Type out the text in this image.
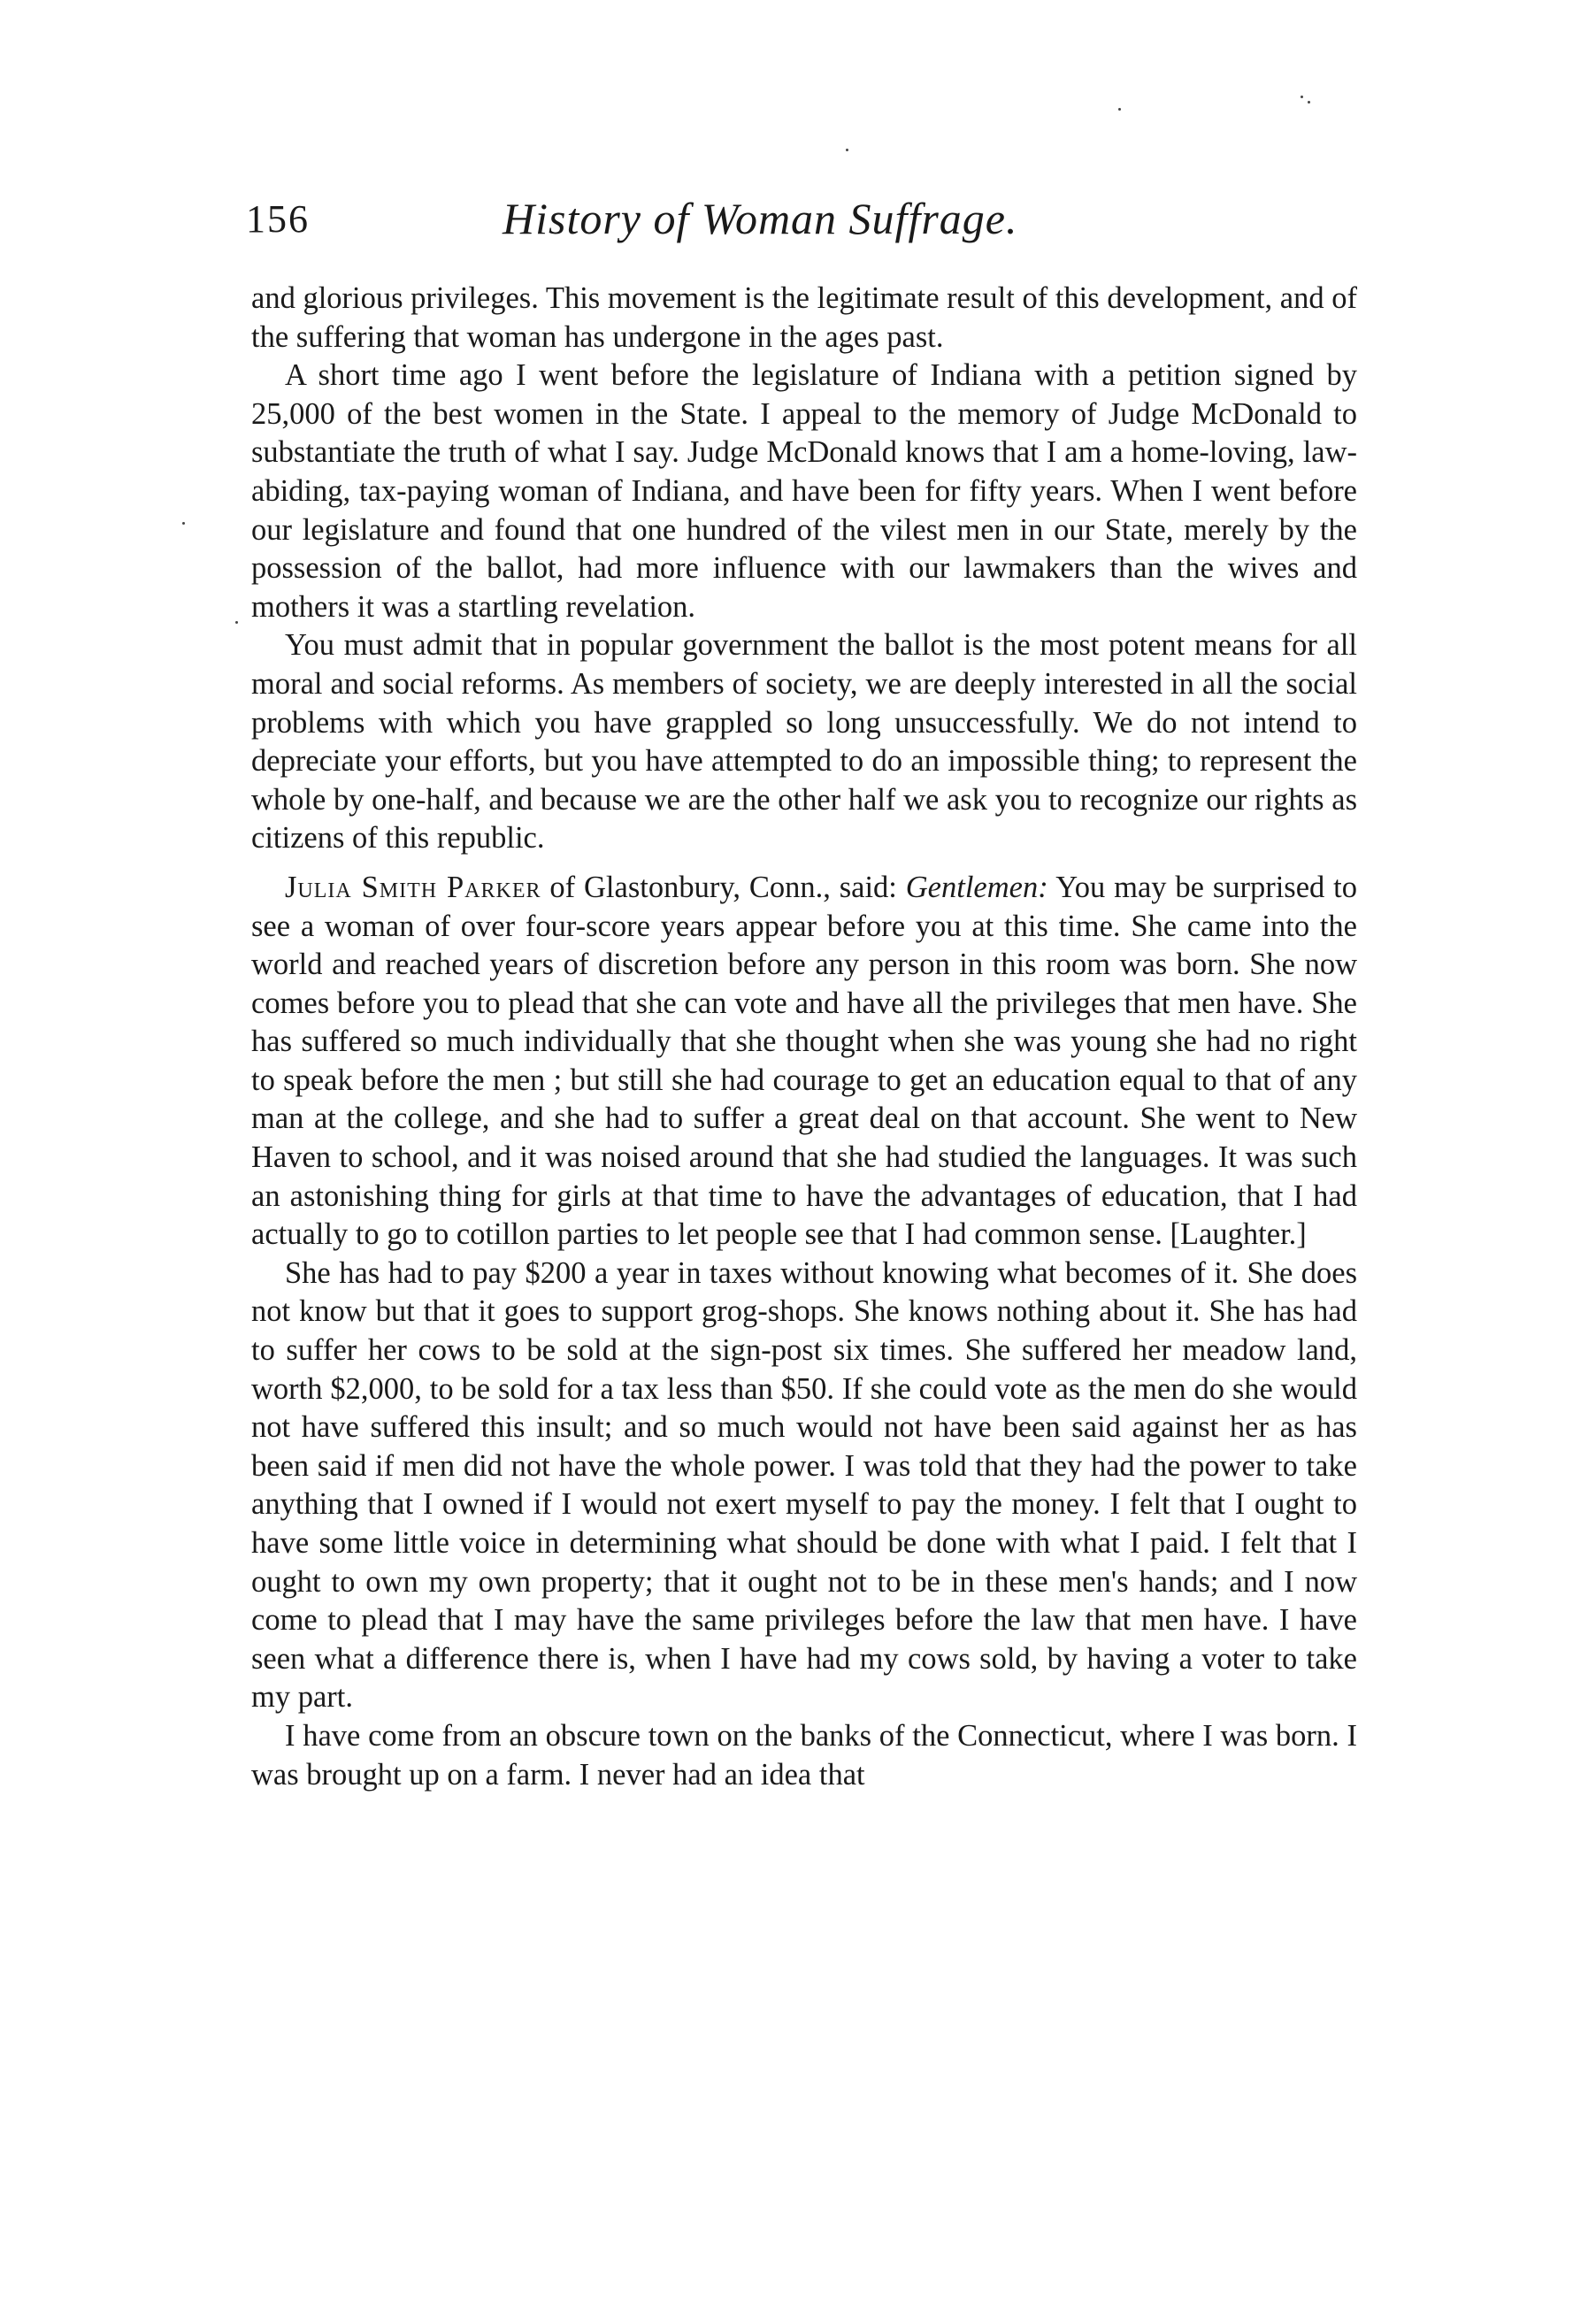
156	History of Woman Suffrage.

and glorious privileges. This movement is the legitimate result of this development, and of the suffering that woman has undergone in the ages past.

A short time ago I went before the legislature of Indiana with a petition signed by 25,000 of the best women in the State. I appeal to the memory of Judge McDonald to substantiate the truth of what I say. Judge McDonald knows that I am a home-loving, law-abiding, tax-paying woman of Indiana, and have been for fifty years. When I went before our legislature and found that one hundred of the vilest men in our State, merely by the possession of the ballot, had more influence with our lawmakers than the wives and mothers it was a startling revelation.

You must admit that in popular government the ballot is the most potent means for all moral and social reforms. As members of society, we are deeply interested in all the social problems with which you have grappled so long unsuccessfully. We do not intend to depreciate your efforts, but you have attempted to do an impossible thing; to represent the whole by one-half, and because we are the other half we ask you to recognize our rights as citizens of this republic.

Julia Smith Parker of Glastonbury, Conn., said: Gentlemen: You may be surprised to see a woman of over four-score years appear before you at this time. She came into the world and reached years of discretion before any person in this room was born. She now comes before you to plead that she can vote and have all the privileges that men have. She has suffered so much individually that she thought when she was young she had no right to speak before the men ; but still she had courage to get an education equal to that of any man at the college, and she had to suffer a great deal on that account. She went to New Haven to school, and it was noised around that she had studied the languages. It was such an astonishing thing for girls at that time to have the advantages of education, that I had actually to go to cotillon parties to let people see that I had common sense. [Laughter.]

She has had to pay $200 a year in taxes without knowing what becomes of it. She does not know but that it goes to support grog-shops. She knows nothing about it. She has had to suffer her cows to be sold at the sign-post six times. She suffered her meadow land, worth $2,000, to be sold for a tax less than $50. If she could vote as the men do she would not have suffered this insult; and so much would not have been said against her as has been said if men did not have the whole power. I was told that they had the power to take anything that I owned if I would not exert myself to pay the money. I felt that I ought to have some little voice in determining what should be done with what I paid. I felt that I ought to own my own property; that it ought not to be in these men's hands; and I now come to plead that I may have the same privileges before the law that men have. I have seen what a difference there is, when I have had my cows sold, by having a voter to take my part.

I have come from an obscure town on the banks of the Connecticut, where I was born. I was brought up on a farm. I never had an idea that
